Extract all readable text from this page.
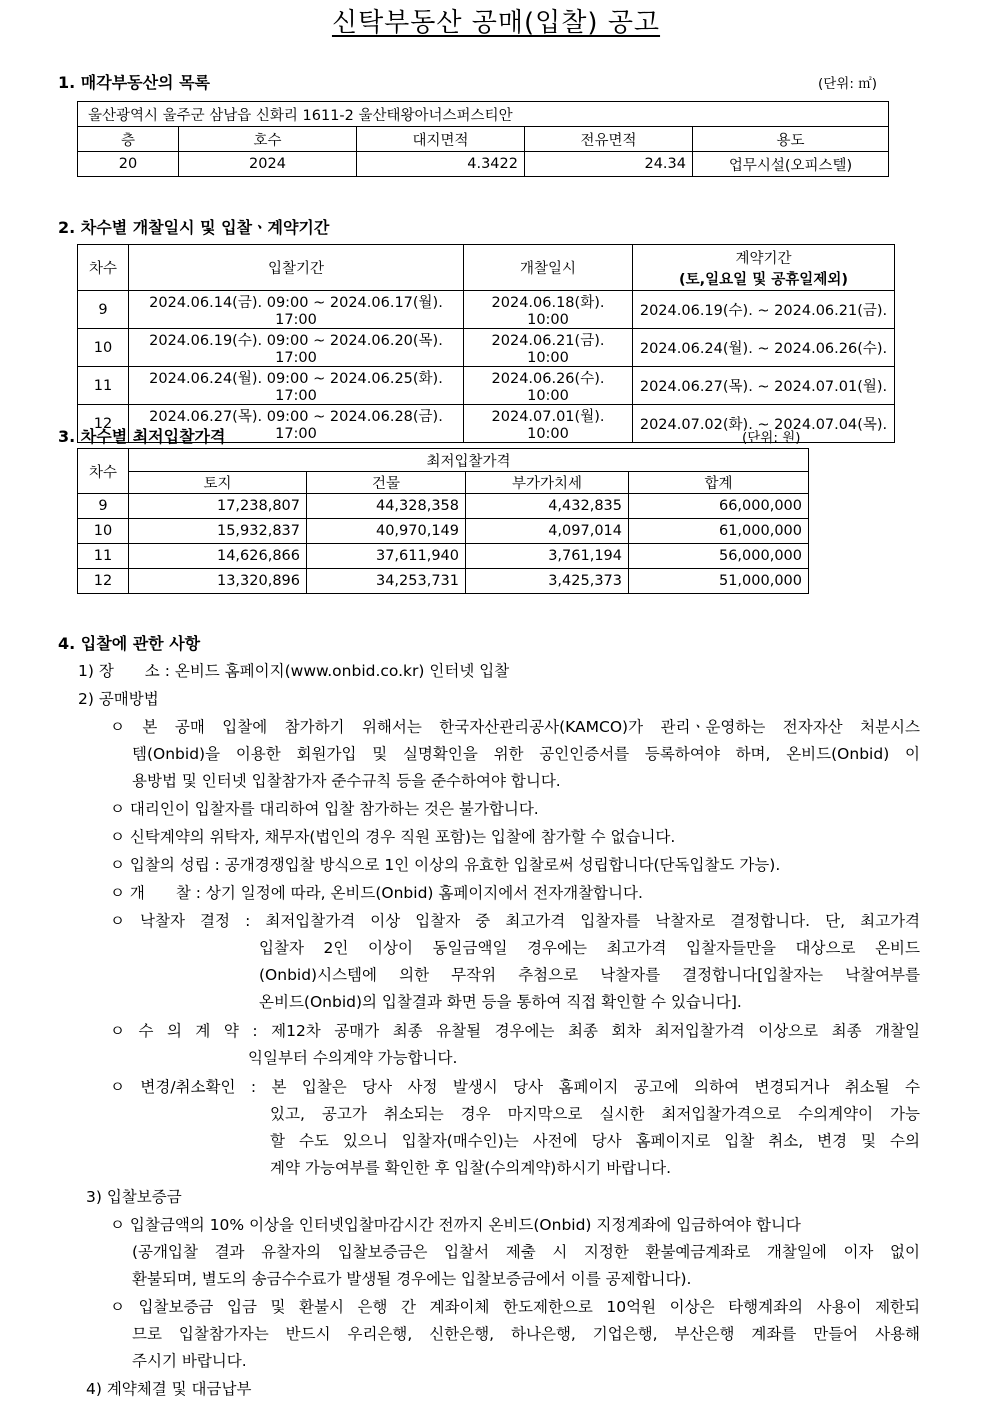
신탁부동산 공매(입찰) 공고
1. 매각부동산의 목록	(단위: ㎡)
울산광역시 울주군 삼남읍 신화리 1611-2 울산태왕아너스퍼스티안				
층	호수	대지면적	전유면적	용도
20	2024	4.3422	24.34	업무시설(오피스텔)
2. 차수별 개찰일시 및 입찰ㆍ계약기간
차수	입찰기간	개찰일시	계약기간
(토,일요일 및 공휴일제외)
9	2024.06.14(금). 09:00 ~ 2024.06.17(월). 17:00	2024.06.18(화). 10:00	2024.06.19(수). ~ 2024.06.21(금).
10	2024.06.19(수). 09:00 ~ 2024.06.20(목). 17:00	2024.06.21(금). 10:00	2024.06.24(월). ~ 2024.06.26(수).
11	2024.06.24(월). 09:00 ~ 2024.06.25(화). 17:00	2024.06.26(수). 10:00	2024.06.27(목). ~ 2024.07.01(월).
12	2024.06.27(목). 09:00 ~ 2024.06.28(금). 17:00	2024.07.01(월). 10:00	2024.07.02(화). ~ 2024.07.04(목).
3. 차수별 최저입찰가격	(단위: 원)
차수	최저입찰가격			
	토지	건물	부가가치세	합계
9	17,238,807	44,328,358	4,432,835	66,000,000
10	15,932,837	40,970,149	4,097,014	61,000,000
11	14,626,866	37,611,940	3,761,194	56,000,000
12	13,320,896	34,253,731	3,425,373	51,000,000
4. 입찰에 관한 사항
1) 장　　소 : 온비드 홈페이지(www.onbid.co.kr) 인터넷 입찰
2) 공매방법
ㅇ 본 공매 입찰에 참가하기 위해서는 한국자산관리공사(KAMCO)가 관리ㆍ운영하는 전자자산 처분시스
템(Onbid)을 이용한 회원가입 및 실명확인을 위한 공인인증서를 등록하여야 하며, 온비드(Onbid) 이
용방법 및 인터넷 입찰참가자 준수규칙 등을 준수하여야 합니다.
ㅇ 대리인이 입찰자를 대리하여 입찰 참가하는 것은 불가합니다.
ㅇ 신탁계약의 위탁자, 채무자(법인의 경우 직원 포함)는 입찰에 참가할 수 없습니다.
ㅇ 입찰의 성립 : 공개경쟁입찰 방식으로 1인 이상의 유효한 입찰로써 성립합니다(단독입찰도 가능).
ㅇ 개　　찰 : 상기 일정에 따라, 온비드(Onbid) 홈페이지에서 전자개찰합니다.
ㅇ 낙찰자 결정 : 최저입찰가격 이상 입찰자 중 최고가격 입찰자를 낙찰자로 결정합니다. 단, 최고가격
입찰자 2인 이상이 동일금액일 경우에는 최고가격 입찰자들만을 대상으로 온비드
(Onbid)시스템에 의한 무작위 추첨으로 낙찰자를 결정합니다[입찰자는 낙찰여부를
온비드(Onbid)의 입찰결과 화면 등을 통하여 직접 확인할 수 있습니다].
ㅇ 수 의 계 약 : 제12차 공매가 최종 유찰될 경우에는 최종 회차 최저입찰가격 이상으로 최종 개찰일
익일부터 수의계약 가능합니다.
ㅇ 변경/취소확인 : 본 입찰은 당사 사정 발생시 당사 홈페이지 공고에 의하여 변경되거나 취소될 수
있고, 공고가 취소되는 경우 마지막으로 실시한 최저입찰가격으로 수의계약이 가능
할 수도 있으니 입찰자(매수인)는 사전에 당사 홈페이지로 입찰 취소, 변경 및 수의
계약 가능여부를 확인한 후 입찰(수의계약)하시기 바랍니다.
3) 입찰보증금
ㅇ 입찰금액의 10% 이상을 인터넷입찰마감시간 전까지 온비드(Onbid) 지정계좌에 입금하여야 합니다
(공개입찰 결과 유찰자의 입찰보증금은 입찰서 제출 시 지정한 환불예금계좌로 개찰일에 이자 없이
환불되며, 별도의 송금수수료가 발생될 경우에는 입찰보증금에서 이를 공제합니다).
ㅇ 입찰보증금 입금 및 환불시 은행 간 계좌이체 한도제한으로 10억원 이상은 타행계좌의 사용이 제한되
므로 입찰참가자는 반드시 우리은행, 신한은행, 하나은행, 기업은행, 부산은행 계좌를 만들어 사용해
주시기 바랍니다.
4) 계약체결 및 대금납부
